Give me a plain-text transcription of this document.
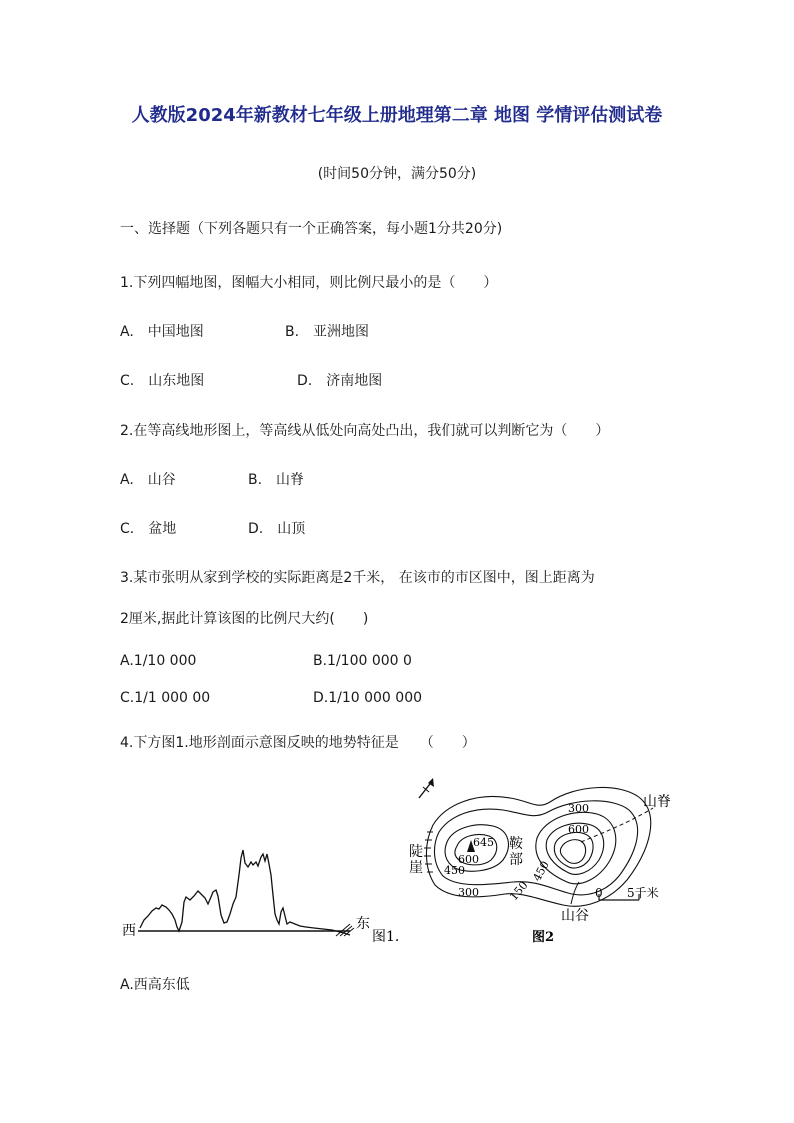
人教版2024年新教材七年级上册地理第二章 地图 学情评估测试卷
(时间50分钟，满分50分)
一、选择题（下列各题只有一个正确答案，每小题1分共20分)
1.下列四幅地图，图幅大小相同，则比例尺最小的是（　　）
A.　中国地图	B.　亚洲地图
C.　山东地图	D.　济南地图
2.在等高线地形图上，等高线从低处向高处凸出，我们就可以判断它为（　　）
A.　山谷	B.　山脊
C.　盆地	D.　山顶
3.某市张明从家到学校的实际距离是2千米， 在该市的市区图中，图上距离为
2厘米,据此计算该图的比例尺大约(　　)
A.1/10 000	B.1/100 000 0
C.1/1 000 00	D.1/10 000 000
4.下方图1.地形剖面示意图反映的地势特征是　　（　　）
西	东
图1.
陡
崖
鞍
部
645
600
450
300
300
600
450
150
山脊
山谷
0 5千米
图2
A.西高东低
